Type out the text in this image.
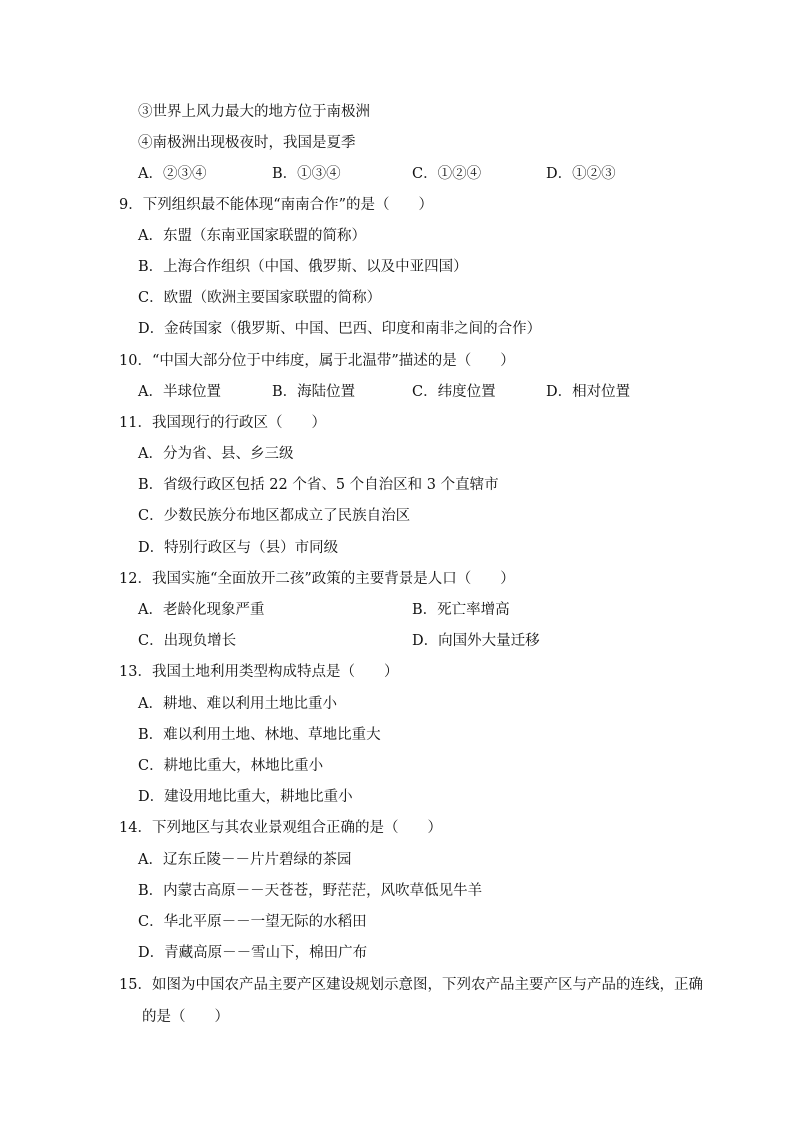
③世界上风力最大的地方位于南极洲
④南极洲出现极夜时，我国是夏季
A．②③④	B．①③④	C．①②④	D．①②③
9．下列组织最不能体现“南南合作”的是（　　）
A．东盟（东南亚国家联盟的简称）
B．上海合作组织（中国、俄罗斯、以及中亚四国）
C．欧盟（欧洲主要国家联盟的简称）
D．金砖国家（俄罗斯、中国、巴西、印度和南非之间的合作）
10．“中国大部分位于中纬度，属于北温带”描述的是（　　）
A．半球位置	B．海陆位置	C．纬度位置	D．相对位置
11．我国现行的行政区（　　）
A．分为省、县、乡三级
B．省级行政区包括 22 个省、5 个自治区和 3 个直辖市
C．少数民族分布地区都成立了民族自治区
D．特别行政区与（县）市同级
12．我国实施“全面放开二孩”政策的主要背景是人口（　　）
A．老龄化现象严重	B．死亡率增高
C．出现负增长	D．向国外大量迁移
13．我国土地利用类型构成特点是（　　）
A．耕地、难以利用土地比重小
B．难以利用土地、林地、草地比重大
C．耕地比重大，林地比重小
D．建设用地比重大，耕地比重小
14．下列地区与其农业景观组合正确的是（　　）
A．辽东丘陵－－片片碧绿的茶园
B．内蒙古高原－－天苍苍，野茫茫，风吹草低见牛羊
C．华北平原－－一望无际的水稻田
D．青藏高原－－雪山下，棉田广布
15．如图为中国农产品主要产区建设规划示意图，下列农产品主要产区与产品的连线，正确
的是（　　）
